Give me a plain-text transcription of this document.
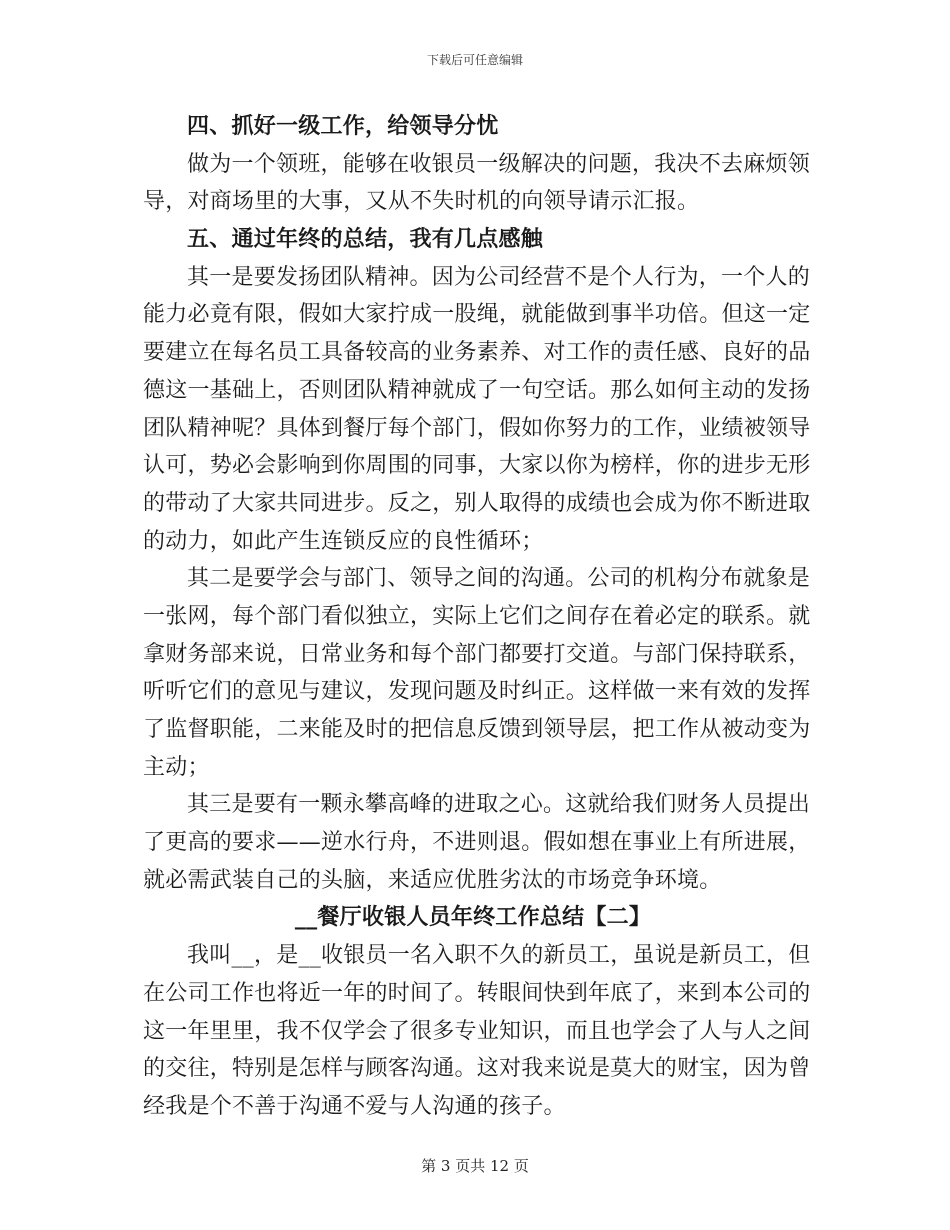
下载后可任意编辑

四、抓好一级工作，给领导分忧

做为一个领班，能够在收银员一级解决的问题，我决不去麻烦领

导，对商场里的大事，又从不失时机的向领导请示汇报。

五、通过年终的总结，我有几点感触

其一是要发扬团队精神。因为公司经营不是个人行为，一个人的

能力必竟有限，假如大家拧成一股绳，就能做到事半功倍。但这一定

要建立在每名员工具备较高的业务素养、对工作的责任感、良好的品

德这一基础上，否则团队精神就成了一句空话。那么如何主动的发扬

团队精神呢？具体到餐厅每个部门，假如你努力的工作，业绩被领导

认可，势必会影响到你周围的同事，大家以你为榜样，你的进步无形

的带动了大家共同进步。反之，别人取得的成绩也会成为你不断进取

的动力，如此产生连锁反应的良性循环；

其二是要学会与部门、领导之间的沟通。公司的机构分布就象是

一张网，每个部门看似独立，实际上它们之间存在着必定的联系。就

拿财务部来说，日常业务和每个部门都要打交道。与部门保持联系，

听听它们的意见与建议，发现问题及时纠正。这样做一来有效的发挥

了监督职能，二来能及时的把信息反馈到领导层，把工作从被动变为

主动；

其三是要有一颗永攀高峰的进取之心。这就给我们财务人员提出

了更高的要求——逆水行舟，不进则退。假如想在事业上有所进展，

就必需武装自己的头脑，来适应优胜劣汰的市场竞争环境。

__餐厅收银人员年终工作总结【二】

我叫__，是__收银员一名入职不久的新员工，虽说是新员工，但

在公司工作也将近一年的时间了。转眼间快到年底了，来到本公司的

这一年里里，我不仅学会了很多专业知识，而且也学会了人与人之间

的交往，特别是怎样与顾客沟通。这对我来说是莫大的财宝，因为曾

经我是个不善于沟通不爱与人沟通的孩子。

第 3 页共 12 页
